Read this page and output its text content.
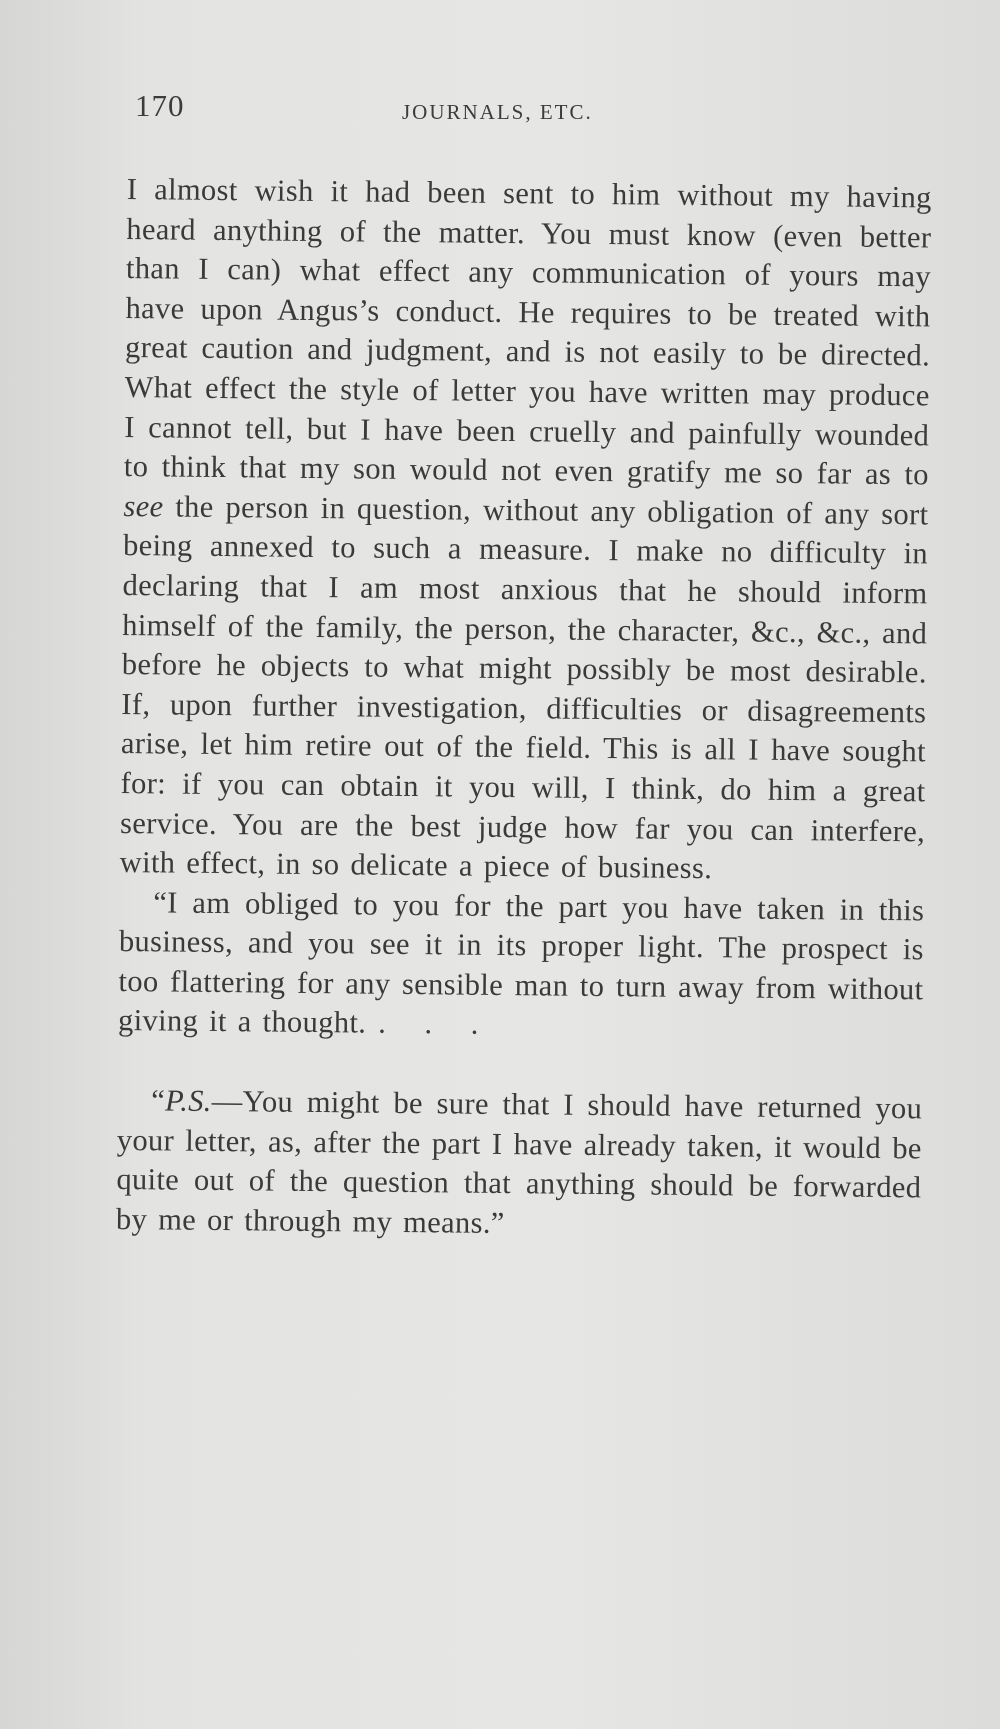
170	JOURNALS, ETC.

I almost wish it had been sent to him without my having heard anything of the matter. You must know (even better than I can) what effect any communication of yours may have upon Angus’s conduct. He requires to be treated with great caution and judgment, and is not easily to be directed. What effect the style of letter you have written may produce I cannot tell, but I have been cruelly and painfully wounded to think that my son would not even gratify me so far as to see the person in question, without any obligation of any sort being annexed to such a measure. I make no difficulty in declaring that I am most anxious that he should inform himself of the family, the person, the character, &c., &c., and before he objects to what might possibly be most desirable. If, upon further investigation, difficulties or disagreements arise, let him retire out of the field. This is all I have sought for: if you can obtain it you will, I think, do him a great service. You are the best judge how far you can interfere, with effect, in so delicate a piece of business.

“I am obliged to you for the part you have taken in this business, and you see it in its proper light. The prospect is too flattering for any sensible man to turn away from without giving it a thought. . . .

“P.S.—You might be sure that I should have returned you your letter, as, after the part I have already taken, it would be quite out of the question that anything should be forwarded by me or through my means.”
